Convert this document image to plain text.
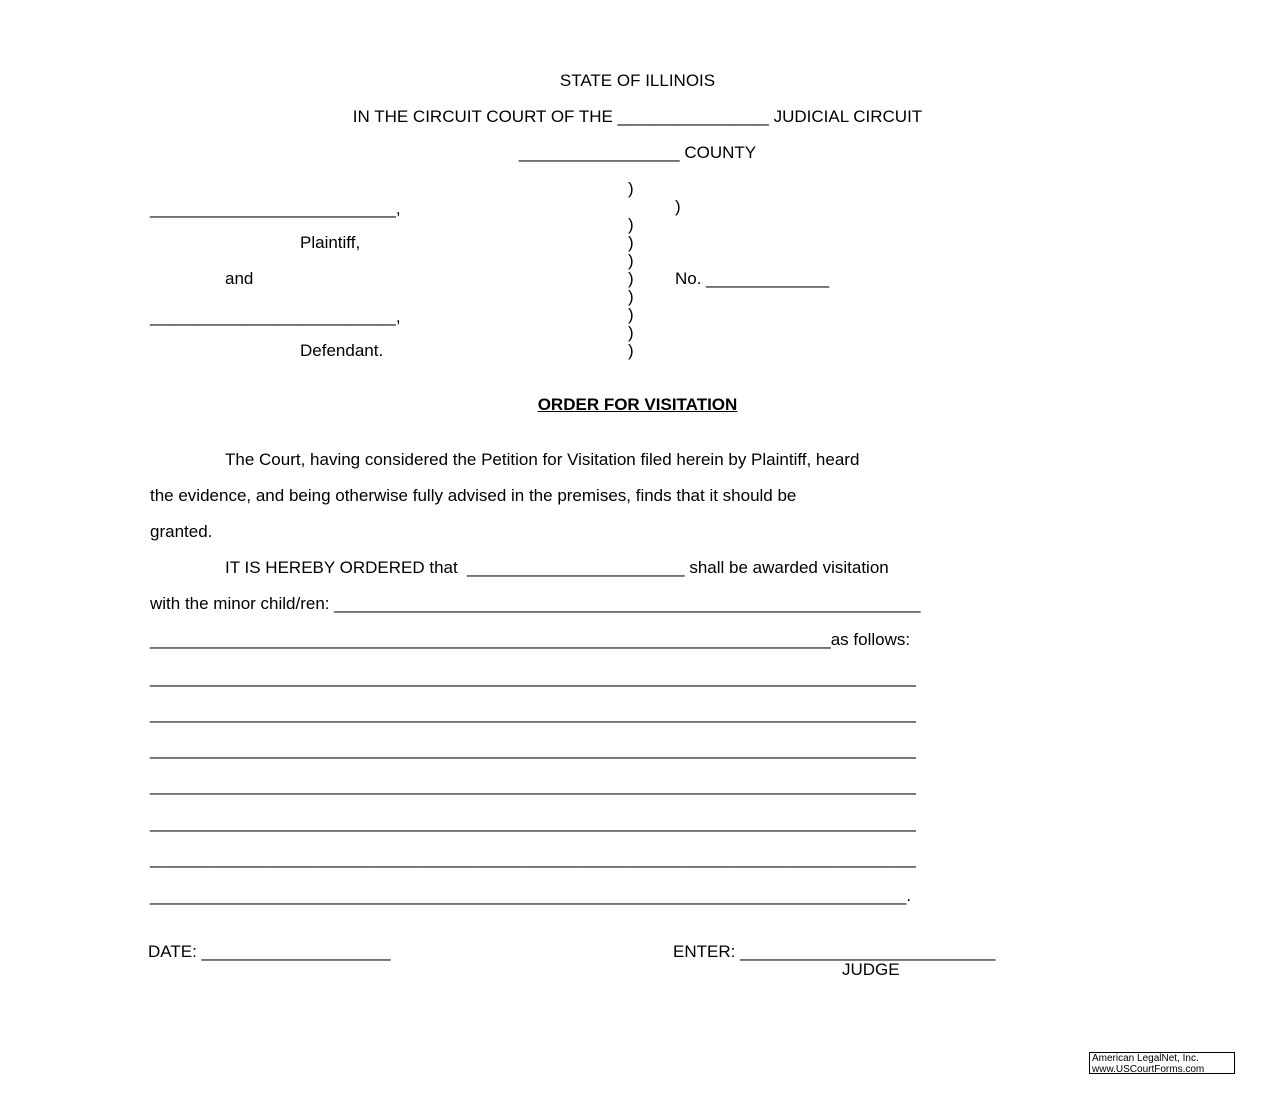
STATE OF ILLINOIS
IN THE CIRCUIT COURT OF THE ________________ JUDICIAL CIRCUIT
_________________ COUNTY
__________________________,
Plaintiff,
and
__________________________,
Defendant.
)
)
)
)
)
)
)
)
)
)
No. _____________
ORDER FOR VISITATION
The Court, having considered the Petition for Visitation filed herein by Plaintiff, heard
the evidence, and being otherwise fully advised in the premises, finds that it should be
granted.
IT IS HEREBY ORDERED that  _______________________ shall be awarded visitation
with the minor child/ren: ______________________________________________________________
________________________________________________________________________as follows:
_________________________________________________________________________________
_________________________________________________________________________________
_________________________________________________________________________________
_________________________________________________________________________________
_________________________________________________________________________________
_________________________________________________________________________________
________________________________________________________________________________.
DATE: ____________________	ENTER: ___________________________
JUDGE
American LegalNet, Inc.
www.USCourtForms.com
